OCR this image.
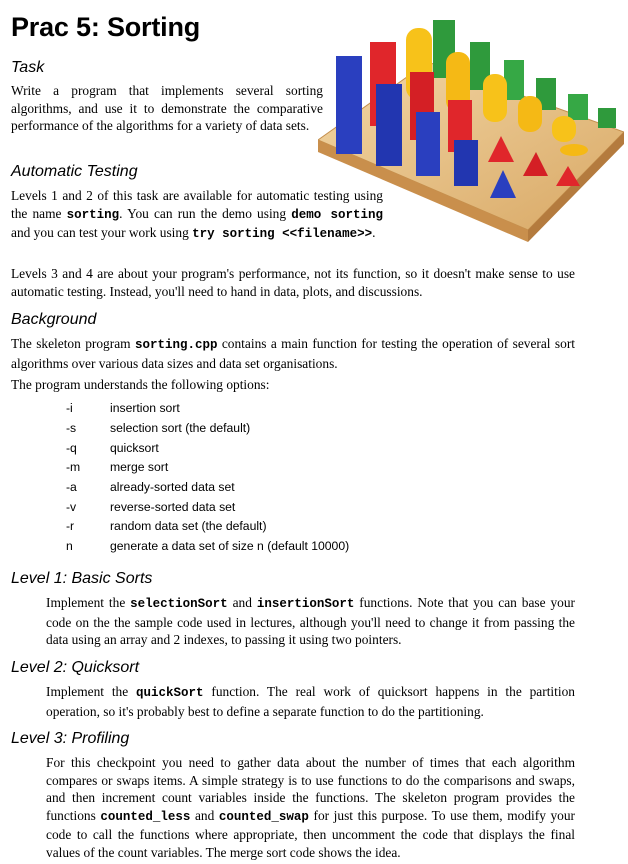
Prac 5: Sorting
Task
Write a program that implements several sorting algorithms, and use it to demonstrate the comparative performance of the algorithms for a variety of data sets.
Automatic Testing
Levels 1 and 2 of this task are available for automatic testing using the name sorting. You can run the demo using demo sorting and you can test your work using try sorting <<filename>>.
Levels 3 and 4 are about your program's performance, not its function, so it doesn't make sense to use automatic testing. Instead, you'll need to hand in data, plots, and discussions.
Background
The skeleton program sorting.cpp contains a main function for testing the operation of several sort algorithms over various data sizes and data set organisations.
The program understands the following options:
-i	insertion sort
-s	selection sort (the default)
-q	quicksort
-m merge sort
-a	already-sorted data set
-v	reverse-sorted data set
-r	random data set (the default)
n	generate a data set of size n (default 10000)
Level 1: Basic Sorts
Implement the selectionSort and insertionSort functions. Note that you can base your code on the the sample code used in lectures, although you'll need to change it from passing the data using an array and 2 indexes, to passing it using two pointers.
Level 2: Quicksort
Implement the quickSort function. The real work of quicksort happens in the partition operation, so it's probably best to define a separate function to do the partitioning.
Level 3: Profiling
For this checkpoint you need to gather data about the number of times that each algorithm compares or swaps items. A simple strategy is to use functions to do the comparisons and swaps, and then increment count variables inside the functions. The skeleton program provides the functions counted_less and counted_swap for just this purpose. To use them, modify your code to call the functions where appropriate, then uncomment the code that displays the final values of the count variables. The merge sort code shows the idea.
